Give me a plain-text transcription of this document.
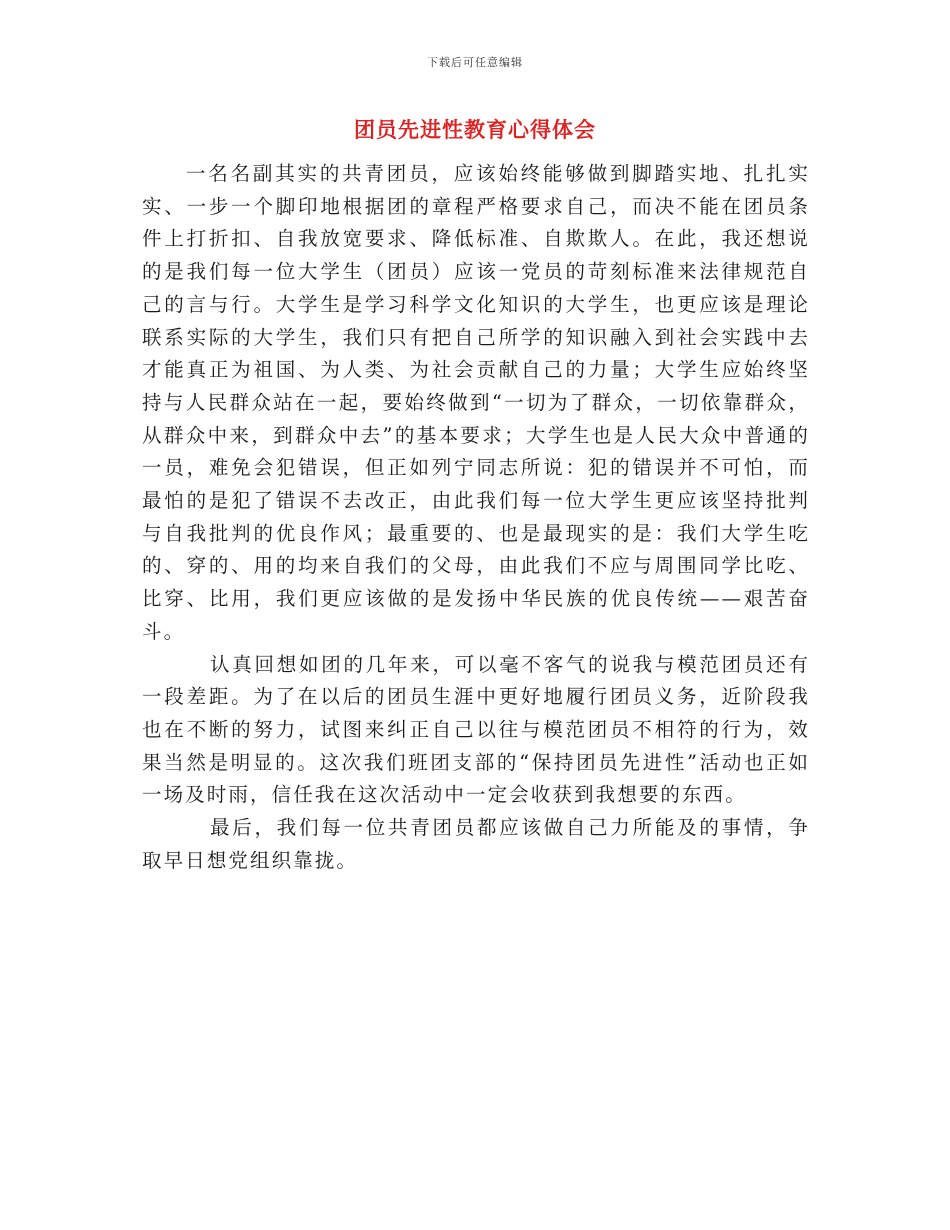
下载后可任意编辑
团员先进性教育心得体会

一名名副其实的共青团员，应该始终能够做到脚踏实地、扎扎实实、一步一个脚印地根据团的章程严格要求自己，而决不能在团员条件上打折扣、自我放宽要求、降低标准、自欺欺人。在此，我还想说的是我们每一位大学生（团员）应该一党员的苛刻标准来法律规范自己的言与行。大学生是学习科学文化知识的大学生，也更应该是理论联系实际的大学生，我们只有把自己所学的知识融入到社会实践中去才能真正为祖国、为人类、为社会贡献自己的力量；大学生应始终坚持与人民群众站在一起，要始终做到“一切为了群众，一切依靠群众，从群众中来，到群众中去”的基本要求；大学生也是人民大众中普通的一员，难免会犯错误，但正如列宁同志所说：犯的错误并不可怕，而最怕的是犯了错误不去改正，由此我们每一位大学生更应该坚持批判与自我批判的优良作风；最重要的、也是最现实的是：我们大学生吃的、穿的、用的均来自我们的父母，由此我们不应与周围同学比吃、比穿、比用，我们更应该做的是发扬中华民族的优良传统——艰苦奋斗。

认真回想如团的几年来，可以毫不客气的说我与模范团员还有一段差距。为了在以后的团员生涯中更好地履行团员义务，近阶段我也在不断的努力，试图来纠正自己以往与模范团员不相符的行为，效果当然是明显的。这次我们班团支部的“保持团员先进性”活动也正如一场及时雨，信任我在这次活动中一定会收获到我想要的东西。

最后，我们每一位共青团员都应该做自己力所能及的事情，争取早日想党组织靠拢。
